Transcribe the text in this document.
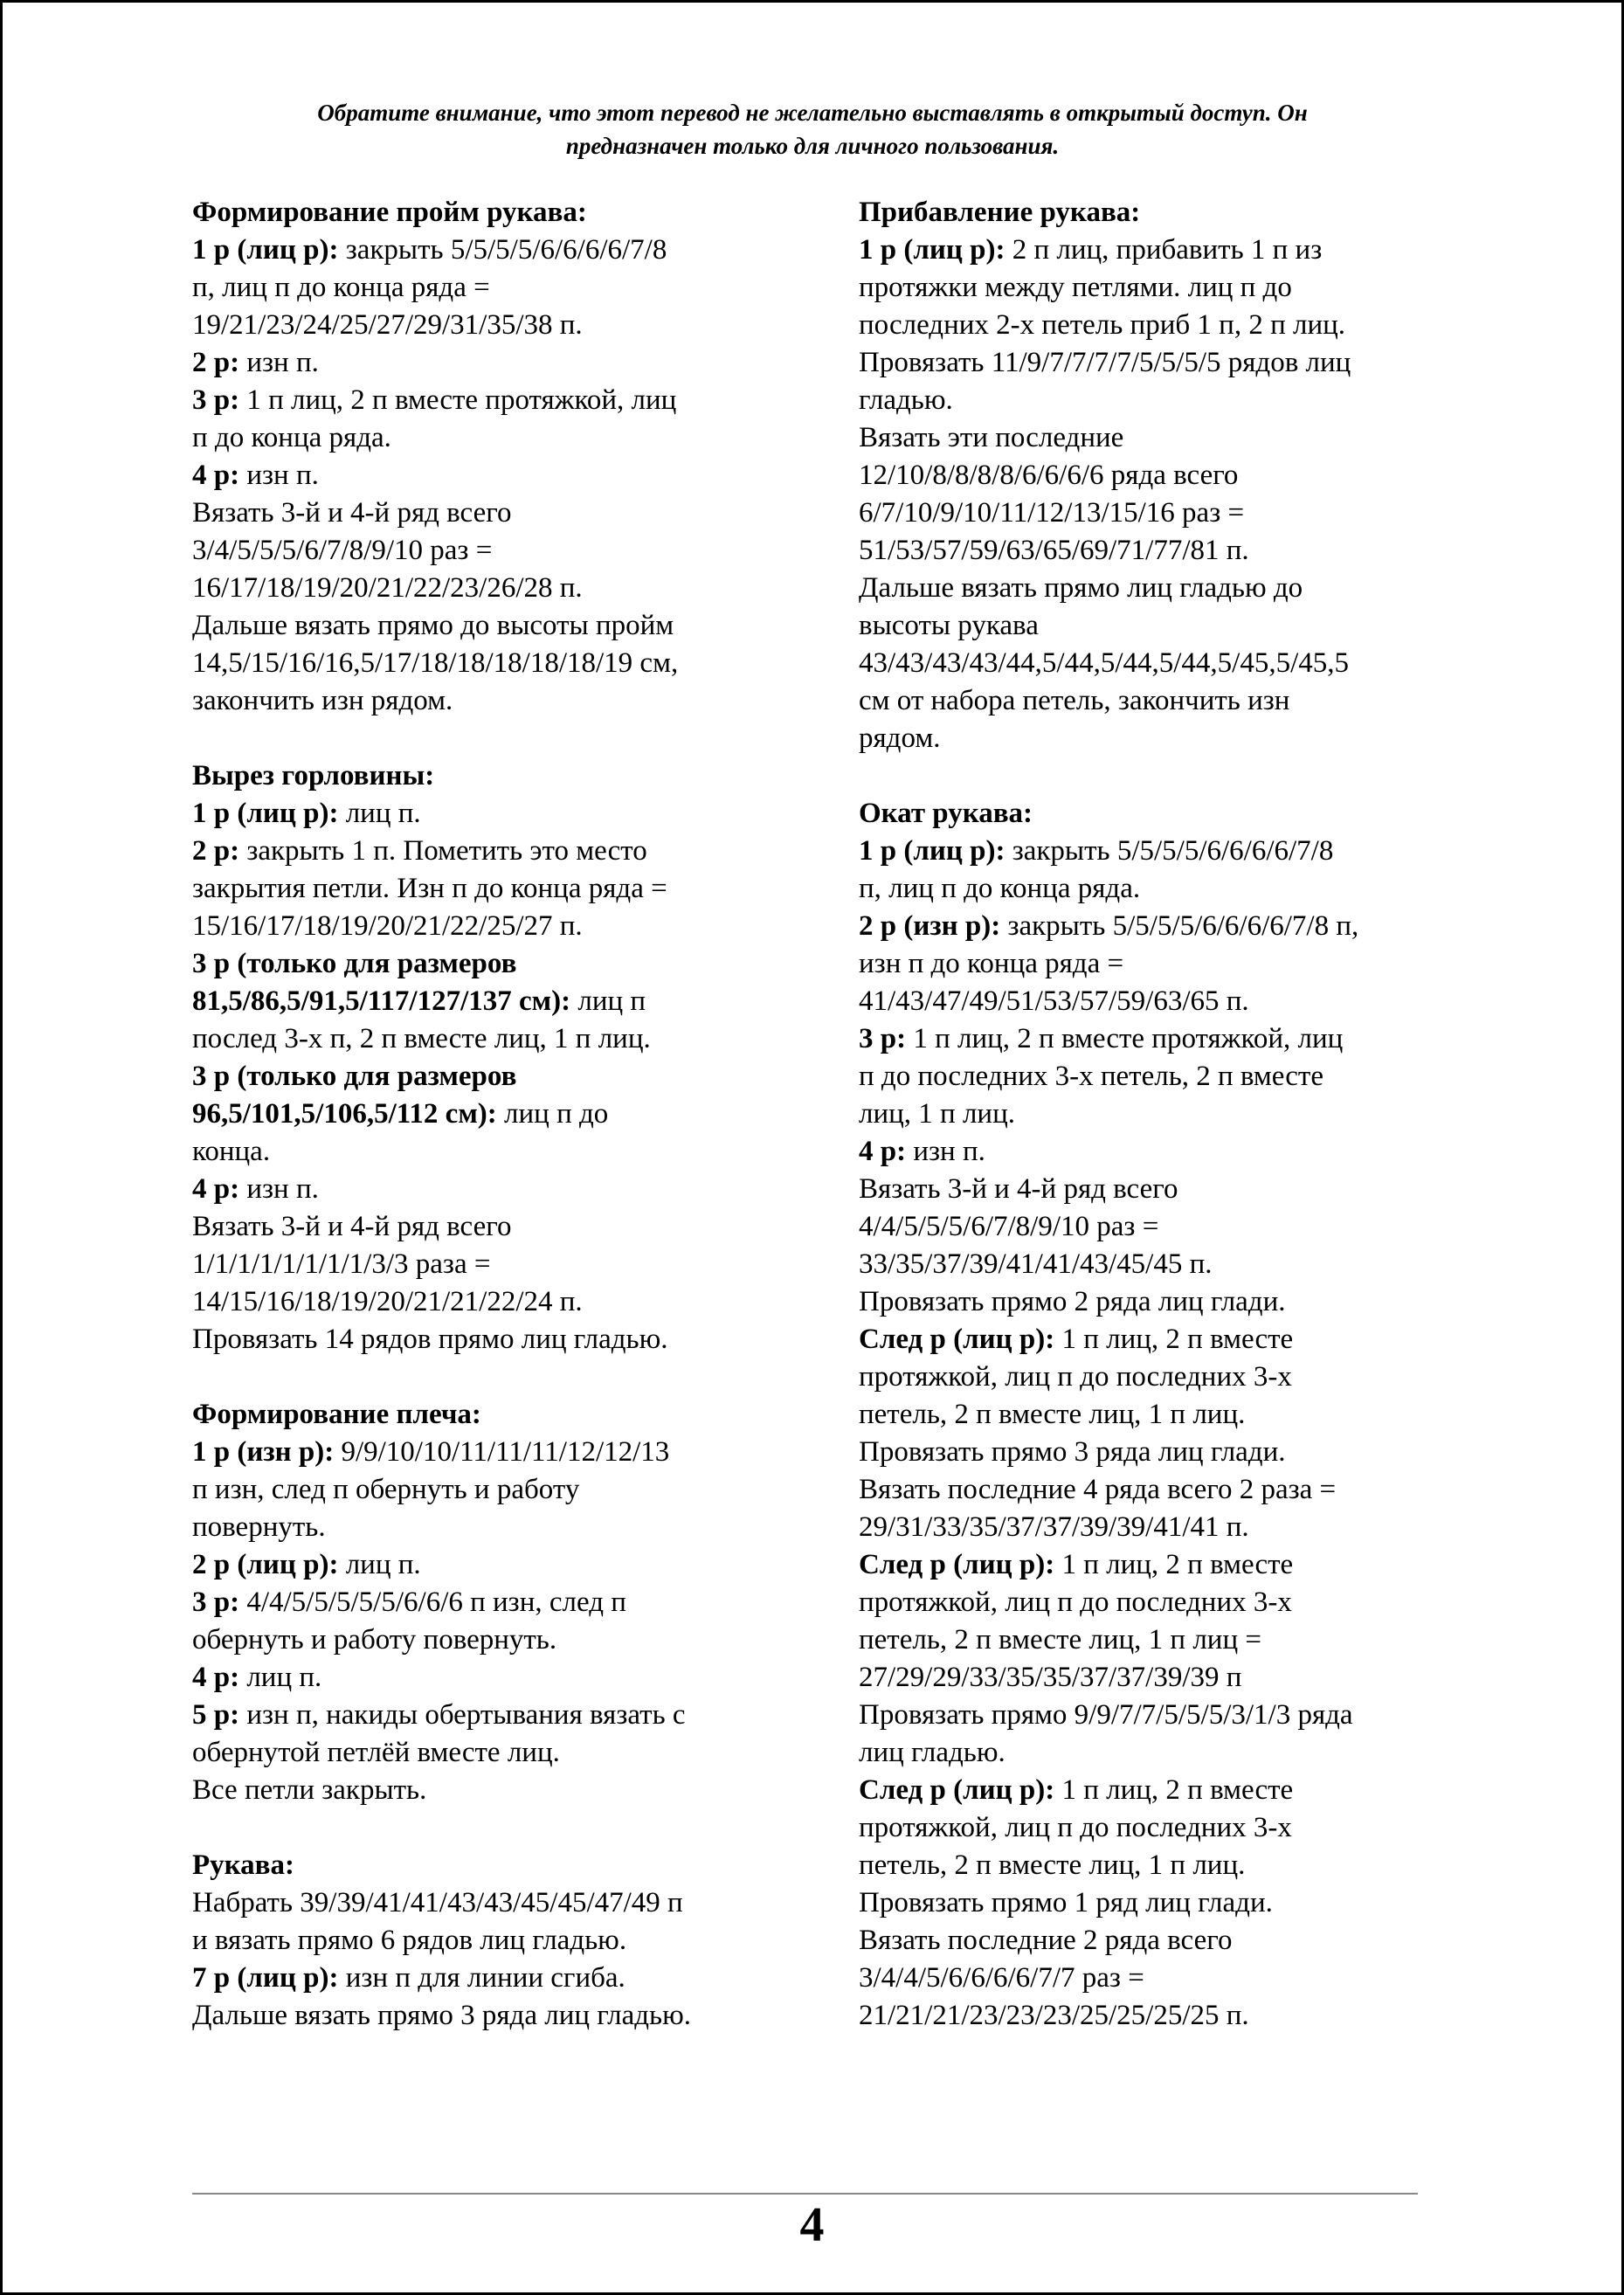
Обратите внимание, что этот перевод не желательно выставлять в открытый доступ. Он
предназначен только для личного пользования.
Формирование пройм рукава:
1 р (лиц р): закрыть 5/5/5/5/6/6/6/6/7/8
п, лиц п до конца ряда =
19/21/23/24/25/27/29/31/35/38 п.
2 р: изн п.
3 р: 1 п лиц, 2 п вместе протяжкой, лиц
п до конца ряда.
4 р: изн п.
Вязать 3-й и 4-й ряд всего
3/4/5/5/5/6/7/8/9/10 раз =
16/17/18/19/20/21/22/23/26/28 п.
Дальше вязать прямо до высоты пройм
14,5/15/16/16,5/17/18/18/18/18/18/19 см,
закончить изн рядом.
Вырез горловины:
1 р (лиц р): лиц п.
2 р: закрыть 1 п. Пометить это место
закрытия петли. Изн п до конца ряда =
15/16/17/18/19/20/21/22/25/27 п.
3 р (только для размеров
81,5/86,5/91,5/117/127/137 см): лиц п
послед 3-х п, 2 п вместе лиц, 1 п лиц.
3 р (только для размеров
96,5/101,5/106,5/112 см): лиц п до
конца.
4 р: изн п.
Вязать 3-й и 4-й ряд всего
1/1/1/1/1/1/1/1/3/3 раза =
14/15/16/18/19/20/21/21/22/24 п.
Провязать 14 рядов прямо лиц гладью.
Формирование плеча:
1 р (изн р): 9/9/10/10/11/11/11/12/12/13
п изн, след п обернуть и работу
повернуть.
2 р (лиц р): лиц п.
3 р: 4/4/5/5/5/5/5/6/6/6 п изн, след п
обернуть и работу повернуть.
4 р: лиц п.
5 р: изн п, накиды обертывания вязать с
обернутой петлёй вместе лиц.
Все петли закрыть.
Рукава:
Набрать 39/39/41/41/43/43/45/45/47/49 п
и вязать прямо 6 рядов лиц гладью.
7 р (лиц р): изн п для линии сгиба.
Дальше вязать прямо 3 ряда лиц гладью.
Прибавление рукава:
1 р (лиц р): 2 п лиц, прибавить 1 п из
протяжки между петлями. лиц п до
последних 2-х петель приб 1 п, 2 п лиц.
Провязать 11/9/7/7/7/7/5/5/5/5 рядов лиц
гладью.
Вязать эти последние
12/10/8/8/8/8/6/6/6/6 ряда всего
6/7/10/9/10/11/12/13/15/16 раз =
51/53/57/59/63/65/69/71/77/81 п.
Дальше вязать прямо лиц гладью до
высоты рукава
43/43/43/43/44,5/44,5/44,5/44,5/45,5/45,5
см от набора петель, закончить изн
рядом.
Окат рукава:
1 р (лиц р): закрыть 5/5/5/5/6/6/6/6/7/8
п, лиц п до конца ряда.
2 р (изн р): закрыть 5/5/5/5/6/6/6/6/7/8 п,
изн п до конца ряда =
41/43/47/49/51/53/57/59/63/65 п.
3 р: 1 п лиц, 2 п вместе протяжкой, лиц
п до последних 3-х петель, 2 п вместе
лиц, 1 п лиц.
4 р: изн п.
Вязать 3-й и 4-й ряд всего
4/4/5/5/5/6/7/8/9/10 раз =
33/35/37/39/41/41/43/45/45 п.
Провязать прямо 2 ряда лиц глади.
След р (лиц р): 1 п лиц, 2 п вместе
протяжкой, лиц п до последних 3-х
петель, 2 п вместе лиц, 1 п лиц.
Провязать прямо 3 ряда лиц глади.
Вязать последние 4 ряда всего 2 раза =
29/31/33/35/37/37/39/39/41/41 п.
След р (лиц р): 1 п лиц, 2 п вместе
протяжкой, лиц п до последних 3-х
петель, 2 п вместе лиц, 1 п лиц =
27/29/29/33/35/35/37/37/39/39 п
Провязать прямо 9/9/7/7/5/5/5/3/1/3 ряда
лиц гладью.
След р (лиц р): 1 п лиц, 2 п вместе
протяжкой, лиц п до последних 3-х
петель, 2 п вместе лиц, 1 п лиц.
Провязать прямо 1 ряд лиц глади.
Вязать последние 2 ряда всего
3/4/4/5/6/6/6/6/7/7 раз =
21/21/21/23/23/23/25/25/25/25 п.
4
